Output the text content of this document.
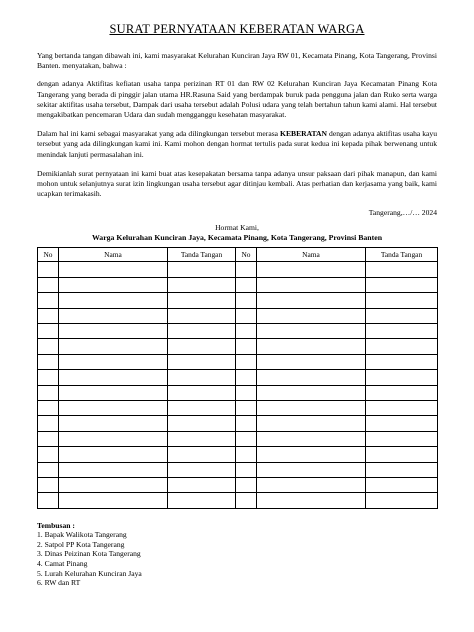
SURAT PERNYATAAN KEBERATAN WARGA

Yang bertanda tangan dibawah ini, kami masyarakat Kelurahan Kunciran Jaya RW 01, Kecamata Pinang, Kota Tangerang, Provinsi Banten. menyatakan, bahwa :

dengan adanya Aktifitas kefiatan usaha tanpa perizinan RT 01 dan RW 02 Kelurahan Kunciran Jaya Kecamatan Pinang Kota Tangerang yang berada di pinggir jalan utama HR.Rasuna Said yang berdampak buruk pada pengguna jalan dan Ruko serta warga sekitar aktifitas usaha tersebut, Dampak dari usaha tersebut adalah Polusi udara yang telah bertahun tahun kami alami. Hal tersebut mengakibatkan pencemaran Udara dan sudah mengganggu kesehatan masyarakat.

Dalam hal ini kami sebagai masyarakat yang ada dilingkungan tersebut merasa KEBERATAN dengan adanya aktifitas usaha kayu tersebut yang ada dilingkungan kami ini. Kami mohon dengan hormat tertulis pada surat kedua ini kepada pihak berwenang untuk menindak lanjuti permasalahan ini.

Demikianlah surat pernyataan ini kami buat atas kesepakatan bersama tanpa adanya unsur paksaan dari pihak manapun, dan kami mohon untuk selanjutnya surat izin lingkungan usaha tersebut agar ditinjau kembali. Atas perhatian dan kerjasama yang baik, kami ucapkan terimakasih.

Tangerang,…/… 2024
Hormat Kami,
Warga Kelurahan Kunciran Jaya, Kecamata Pinang, Kota Tangerang, Provinsi Banten
No	Nama	Tanda Tangan	No	Nama	Tanda Tangan

Tembusan :
1. Bapak Walikota Tangerang
2. Satpol PP Kota Tangerang
3. Dinas Peizinan Kota Tangerang
4. Camat Pinang
5. Lurah Kelurahan Kunciran Jaya
6. RW dan RT
